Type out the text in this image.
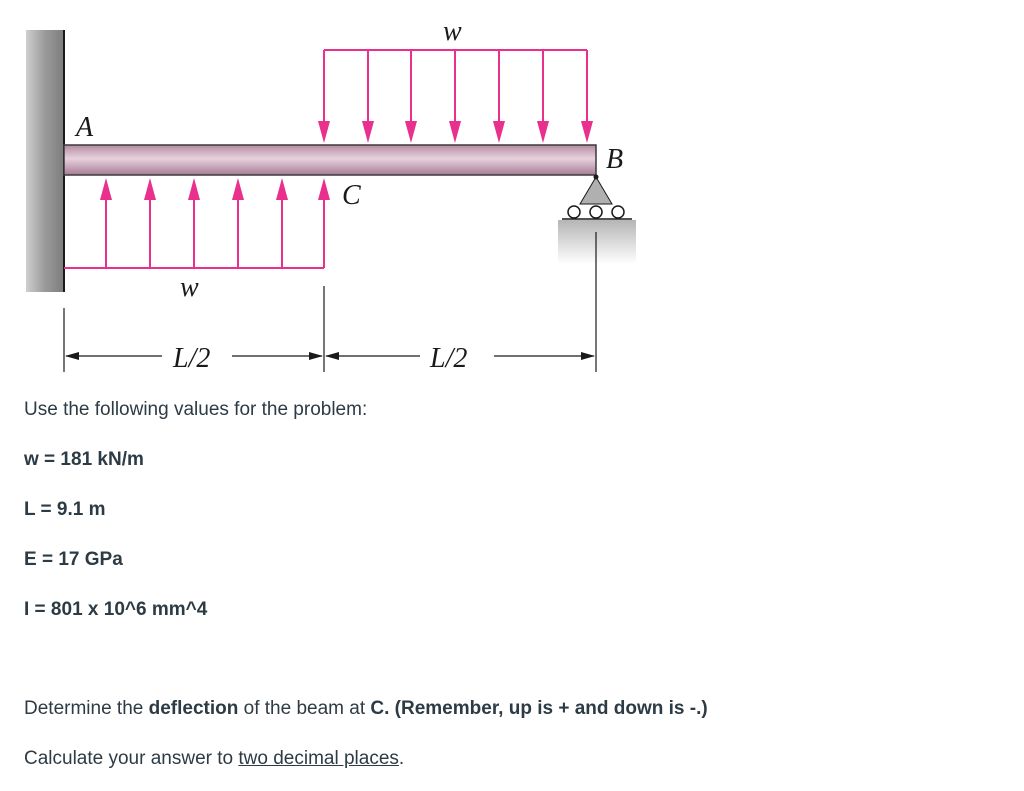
A
B
C
w
w
L/2	L/2

Use the following values for the problem:

w = 181 kN/m

L = 9.1 m

E = 17 GPa

I = 801 x 10^6 mm^4

Determine the deflection of the beam at C. (Remember, up is + and down is -.)

Calculate your answer to two decimal places.
